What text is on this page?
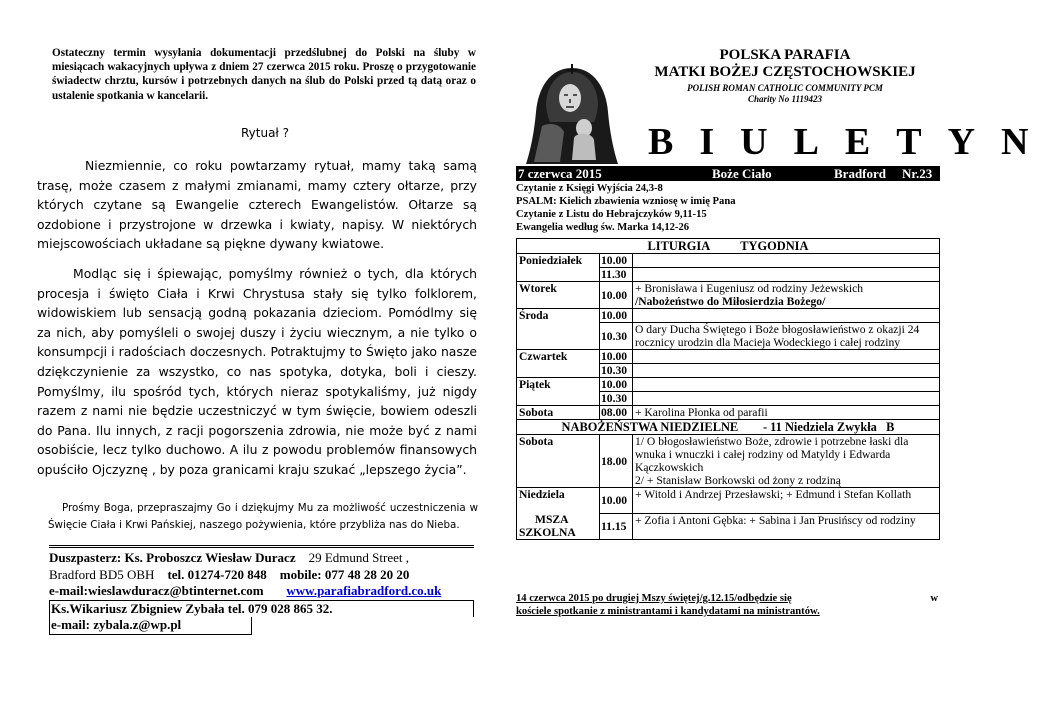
Ostateczny termin wysyłania dokumentacji przedślubnej do Polski na śluby w miesiącach wakacyjnych upływa z dniem 27 czerwca 2015 roku. Proszę o przygotowanie świadectw chrztu, kursów i potrzebnych danych na ślub do Polski przed tą datą oraz o ustalenie spotkania w kancelarii.
Rytuał ?
Niezmiennie, co roku powtarzamy rytuał, mamy taką samą trasę, może czasem z małymi zmianami, mamy cztery ołtarze, przy których czytane są Ewangelie czterech Ewangelistów. Ołtarze są ozdobione i przystrojone w drzewka i kwiaty, napisy. W niektórych miejscowościach układane są piękne dywany kwiatowe.
Modląc się i śpiewając, pomyślmy również o tych, dla których procesja i święto Ciała i Krwi Chrystusa stały się tylko folklorem, widowiskiem lub sensacją godną pokazania dzieciom. Pomódlmy się za nich, aby pomyśleli o swojej duszy i życiu wiecznym, a nie tylko o konsumpcji i radościach doczesnych. Potraktujmy to Święto jako nasze dziękczynienie za wszystko, co nas spotyka, dotyka, boli i cieszy. Pomyślmy, ilu spośród tych, których nieraz spotykaliśmy, już nigdy razem z nami nie będzie uczestniczyć w tym święcie, bowiem odeszli do Pana. Ilu innych, z racji pogorszenia zdrowia, nie może być z nami osobiście, lecz tylko duchowo. A ilu z powodu problemów finansowych opuściło Ojczyznę , by poza granicami kraju szukać „lepszego życia”.
Prośmy Boga, przepraszajmy Go i dziękujmy Mu za możliwość uczestniczenia w Święcie Ciała i Krwi Pańskiej, naszego pożywienia, które przybliża nas do Nieba.
Duszpasterz: Ks. Proboszcz Wiesław Duracz 29 Edmund Street ,
Bradford BD5 OBH tel. 01274-720 848 mobile: 077 48 28 20 20
e-mail:wieslawduracz@btinternet.com www.parafiabradford.co.uk
Ks.Wikariusz Zbigniew Zybała tel. 079 028 865 32.
e-mail: zybala.z@wp.pl
POLSKA PARAFIA
MATKI BOŻEJ CZĘSTOCHOWSKIEJ
POLISH ROMAN CATHOLIC COMMUNITY PCM
Charity No 1119423
BIULETYN
7 czerwca 2015	Boże Ciało	Bradford Nr.23
Czytanie z Księgi Wyjścia 24,3-8
PSALM: Kielich zbawienia wzniosę w imię Pana
Czytanie z Listu do Hebrajczyków 9,11-15
Ewangelia według św. Marka 14,12-26
LITURGIA          TYGODNIA		
Poniedziałek	10.00	
	11.30	
Wtorek	10.00	+ Bronisława i Eugeniusz od rodziny Jeżewskich
/Nabożeństwo do Miłosierdzia Bożego/

Środa	10.00	
	10.30	O dary Ducha Świętego i Boże błogosławieństwo z okazji 24 rocznicy urodzin dla Macieja Wodeckiego i całej rodziny
Czwartek	10.00	
	10.30	
Piątek	10.00	
	10.30	
Sobota	08.00	+ Karolina Płonka od parafii
NABOŻEŃSTWA NIEDZIELNE        - 11 Niedziela Zwykła   B		
Sobota	18.00	1/ O błogosławieństwo Boże, zdrowie i potrzebne łaski dla wnuka i wnuczki i całej rodziny od Matyldy i Edwarda Kączkowskich
2/ + Stanisław Borkowski od żony z rodziną

Niedziela
MSZA
SZKOLNA	10.00	+ Witold i Andrzej Przesławski; + Edmund i Stefan Kollath
	11.15	+ Zofia i Antoni Gębka: + Sabina i Jan Prusińscy od rodziny
14 czerwca 2015 po drugiej Mszy świętej/g.12.15/odbędzie się	w
kościele spotkanie z ministrantami i kandydatami na ministrantów.
